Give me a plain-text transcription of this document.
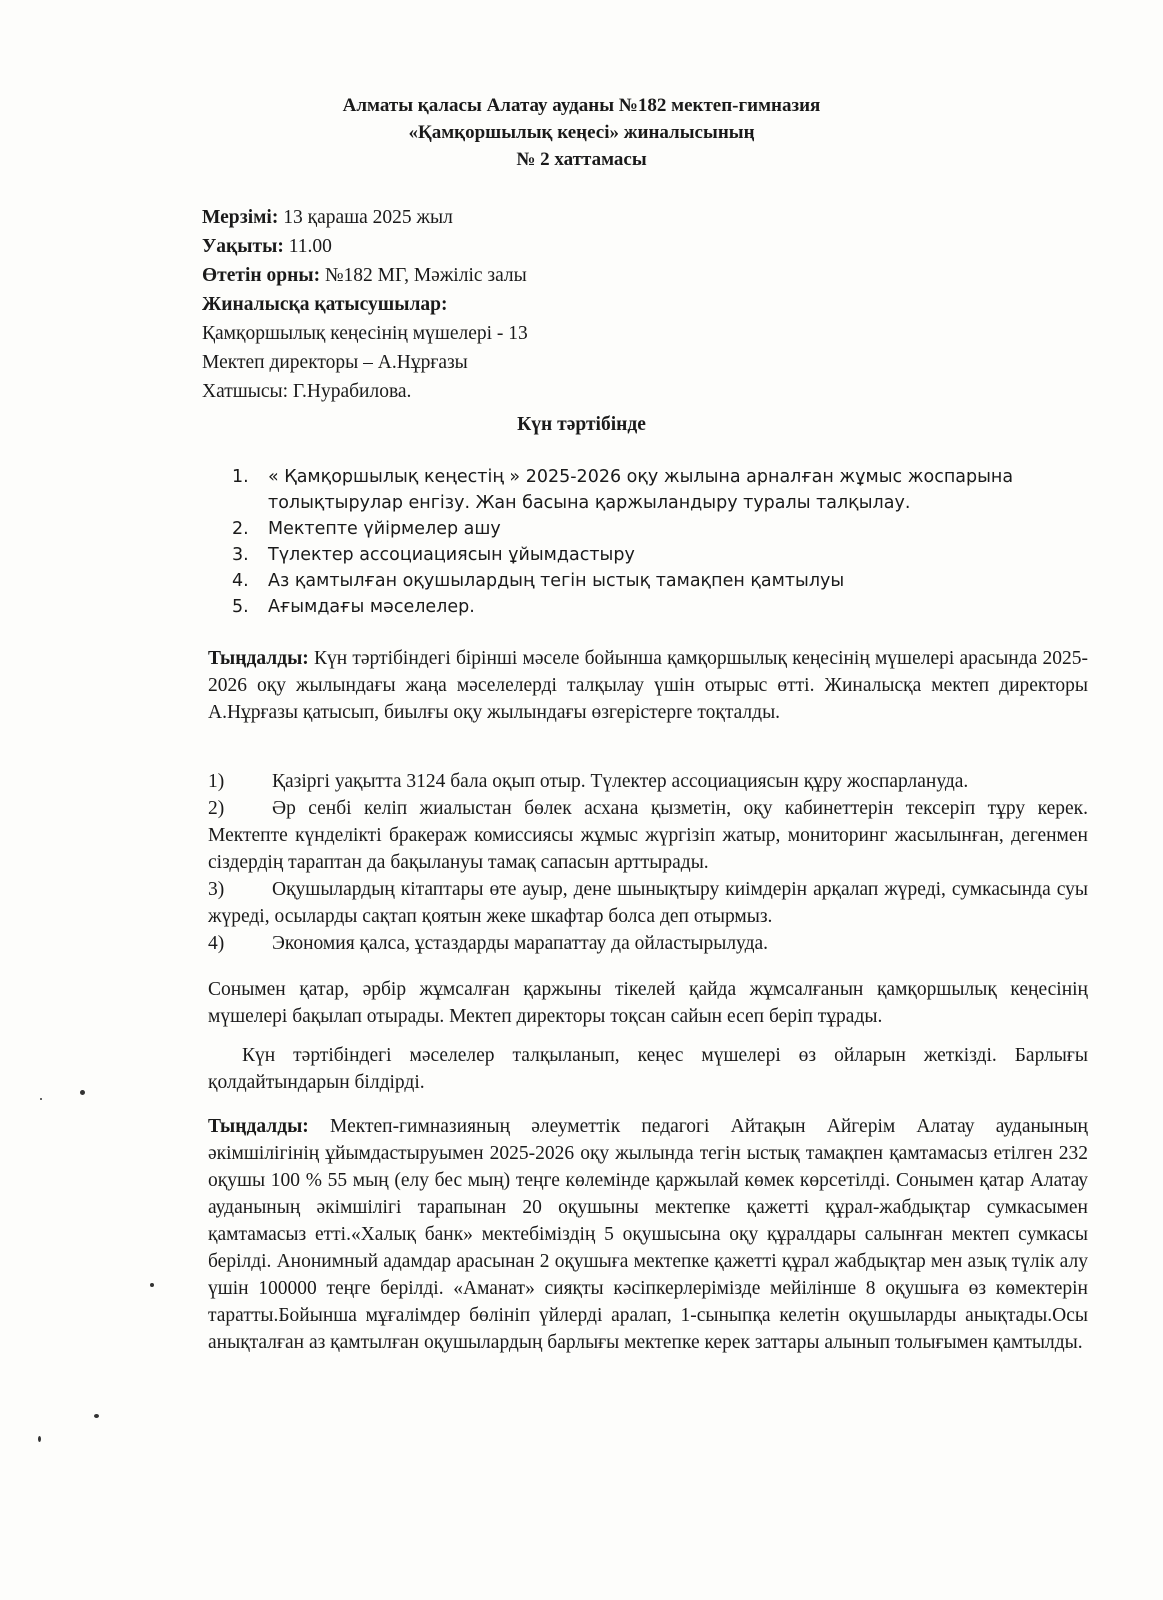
Алматы қаласы Алатау ауданы №182 мектеп-гимназия
«Қамқоршылық кеңесі» жиналысының
№ 2 хаттамасы
Мерзімі: 13 қараша 2025 жыл
Уақыты: 11.00
Өтетін орны: №182 МГ, Мәжіліс залы
Жиналысқа қатысушылар:
Қамқоршылық кеңесінің мүшелері - 13
Мектеп директоры – А.Нұрғазы
Хатшысы: Г.Нурабилова.
Күн тәртібінде
1.	« Қамқоршылық кеңестің » 2025-2026 оқу жылына арналған жұмыс жоспарына толықтырулар енгізу. Жан басына қаржыландыру туралы талқылау.
2.	Мектепте үйірмелер ашу
3.	Түлектер ассоциациясын ұйымдастыру
4.	Аз қамтылған оқушылардың тегін ыстық тамақпен қамтылуы
5.	Ағымдағы мәселелер.
Тыңдалды: Күн тәртібіндегі бірінші мәселе бойынша қамқоршылық кеңесінің мүшелері арасында 2025-2026 оқу жылындағы жаңа мәселелерді талқылау үшін отырыс өтті. Жиналысқа мектеп директоры А.Нұрғазы қатысып, биылғы оқу жылындағы өзгерістерге тоқталды.
1)	Қазіргі уақытта 3124 бала оқып отыр. Түлектер ассоциациясын құру жоспарлануда.
2) Әр сенбі келіп жиалыстан бөлек асхана қызметін, оқу кабинеттерін тексеріп тұру керек. Мектепте күнделікті бракераж комиссиясы жұмыс жүргізіп жатыр, мониторинг жасылынған, дегенмен сіздердің тараптан да бақылануы тамақ сапасын арттырады.
3) Оқушылардың кітаптары өте ауыр, дене шынықтыру киімдерін арқалап жүреді, сумкасында суы жүреді, осыларды сақтап қоятын жеке шкафтар болса деп отырмыз.
4)	Экономия қалса, ұстаздарды марапаттау да ойластырылуда.
Сонымен қатар, әрбір жұмсалған қаржыны тікелей қайда жұмсалғанын қамқоршылық кеңесінің мүшелері бақылап отырады. Мектеп директоры тоқсан сайын есеп беріп тұрады.
Күн тәртібіндегі мәселелер талқыланып, кеңес мүшелері өз ойларын жеткізді. Барлығы қолдайтындарын білдірді.
Тыңдалды: Мектеп-гимназияның әлеуметтік педагогі Айтақын Айгерім Алатау ауданының әкімшілігінің ұйымдастыруымен 2025-2026 оқу жылында тегін ыстық тамақпен қамтамасыз етілген 232 оқушы 100 % 55 мың (елу бес мың) теңге көлемінде қаржылай көмек көрсетілді. Сонымен қатар Алатау ауданының әкімшілігі тарапынан 20 оқушыны мектепке қажетті құрал-жабдықтар сумкасымен қамтамасыз етті.«Халық банк» мектебіміздің 5 оқушысына оқу құралдары салынған мектеп сумкасы берілді. Анонимный адамдар арасынан 2 оқушыға мектепке қажетті құрал жабдықтар мен азық түлік алу үшін 100000 теңге берілді. «Аманат» сияқты кәсіпкерлерімізде мейілінше 8 оқушыға өз көмектерін таратты.Бойынша мұғалімдер бөлініп үйлерді аралап, 1-сыныпқа келетін оқушыларды анықтады.Осы анықталған аз қамтылған оқушылардың барлығы мектепке керек заттары алынып толығымен қамтылды.
